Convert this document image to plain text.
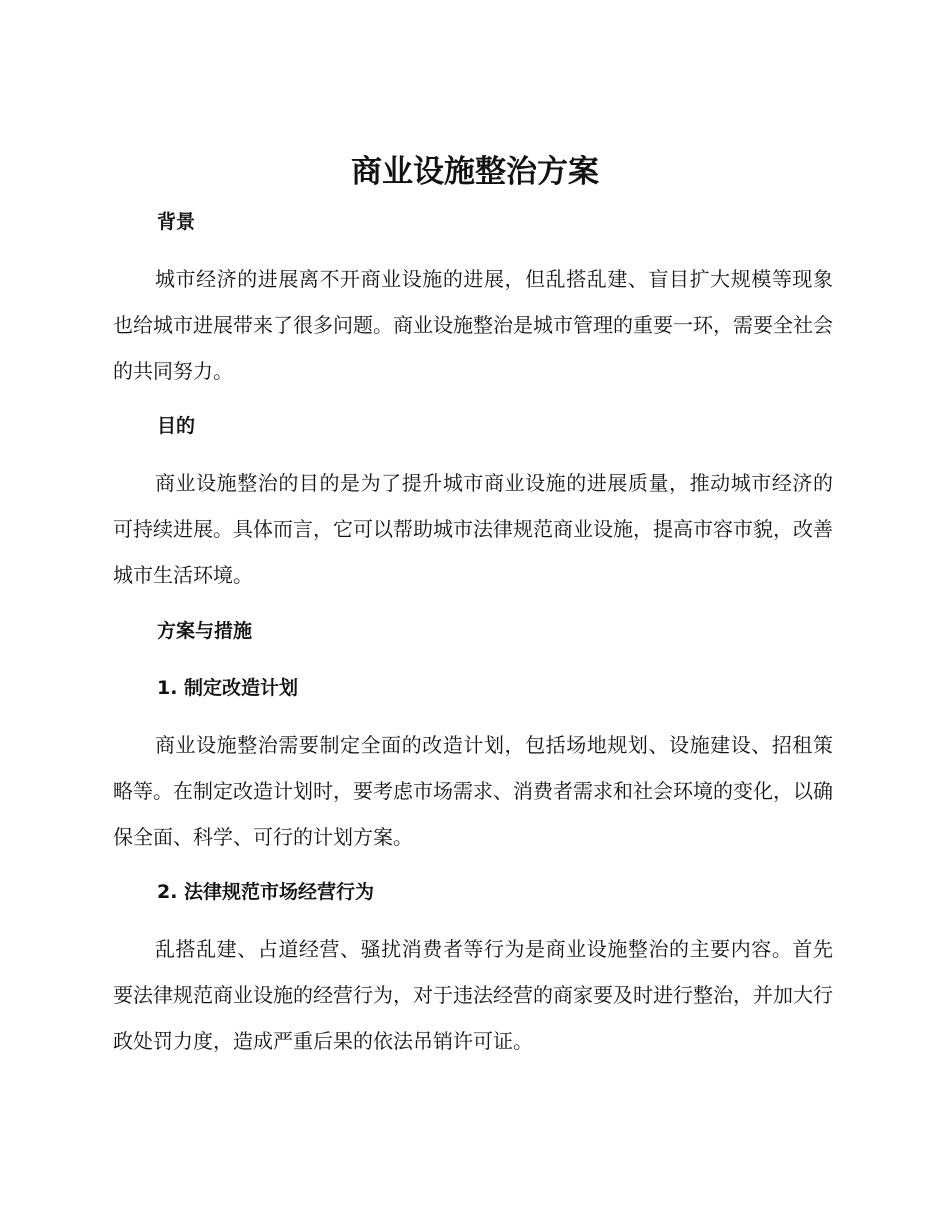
商业设施整治方案
背景

城市经济的进展离不开商业设施的进展，但乱搭乱建、盲目扩大规模等现象也给城市进展带来了很多问题。商业设施整治是城市管理的重要一环，需要全社会的共同努力。

目的

商业设施整治的目的是为了提升城市商业设施的进展质量，推动城市经济的可持续进展。具体而言，它可以帮助城市法律规范商业设施，提高市容市貌，改善城市生活环境。

方案与措施
1. 制定改造计划

商业设施整治需要制定全面的改造计划，包括场地规划、设施建设、招租策略等。在制定改造计划时，要考虑市场需求、消费者需求和社会环境的变化，以确保全面、科学、可行的计划方案。

2. 法律规范市场经营行为

乱搭乱建、占道经营、骚扰消费者等行为是商业设施整治的主要内容。首先要法律规范商业设施的经营行为，对于违法经营的商家要及时进行整治，并加大行政处罚力度，造成严重后果的依法吊销许可证。
